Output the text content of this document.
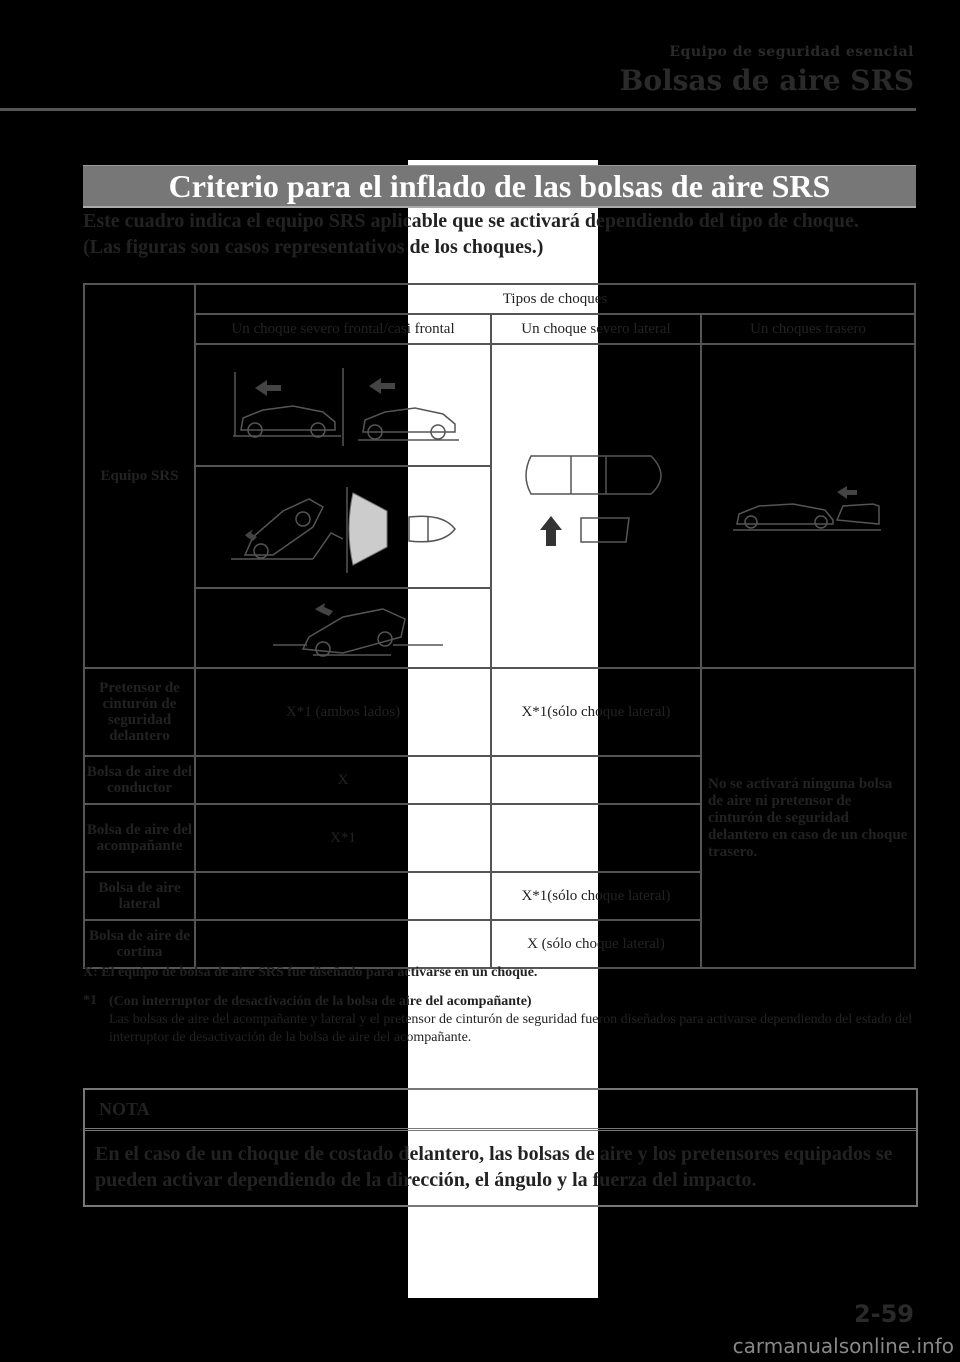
Equipo de seguridad esencial
Bolsas de aire SRS
Criterio para el inflado de las bolsas de aire SRS
Este cuadro indica el equipo SRS aplicable que se activará dependiendo del tipo de choque.
(Las figuras son casos representativos de los choques.)
Equipo SRS	Tipos de choques		
	Un choque severo frontal/casi frontal	Un choque severo lateral	Un choques trasero

Pretensor de cinturón de seguridad delantero	X*1 (ambos lados)	X*1(sólo choque lateral)	No se activará ninguna bolsa de aire ni pretensor de cinturón de seguridad delantero en caso de un choque trasero.
Bolsa de aire del conductor	X		
Bolsa de aire del acompañante	X*1		
Bolsa de aire lateral		X*1(sólo choque lateral)	
Bolsa de aire de cortina		X (sólo choque lateral)	
X: El equipo de bolsa de aire SRS fue diseñado para activarse en un choque.
*1 (Con interruptor de desactivación de la bolsa de aire del acompañante)
Las bolsas de aire del acompañante y lateral y el pretensor de cinturón de seguridad fueron diseñados para activarse dependiendo del estado del interruptor de desactivación de la bolsa de aire del acompañante.
NOTA
En el caso de un choque de costado delantero, las bolsas de aire y los pretensores equipados se pueden activar dependiendo de la dirección, el ángulo y la fuerza del impacto.
2-59
carmanualsonline.info
